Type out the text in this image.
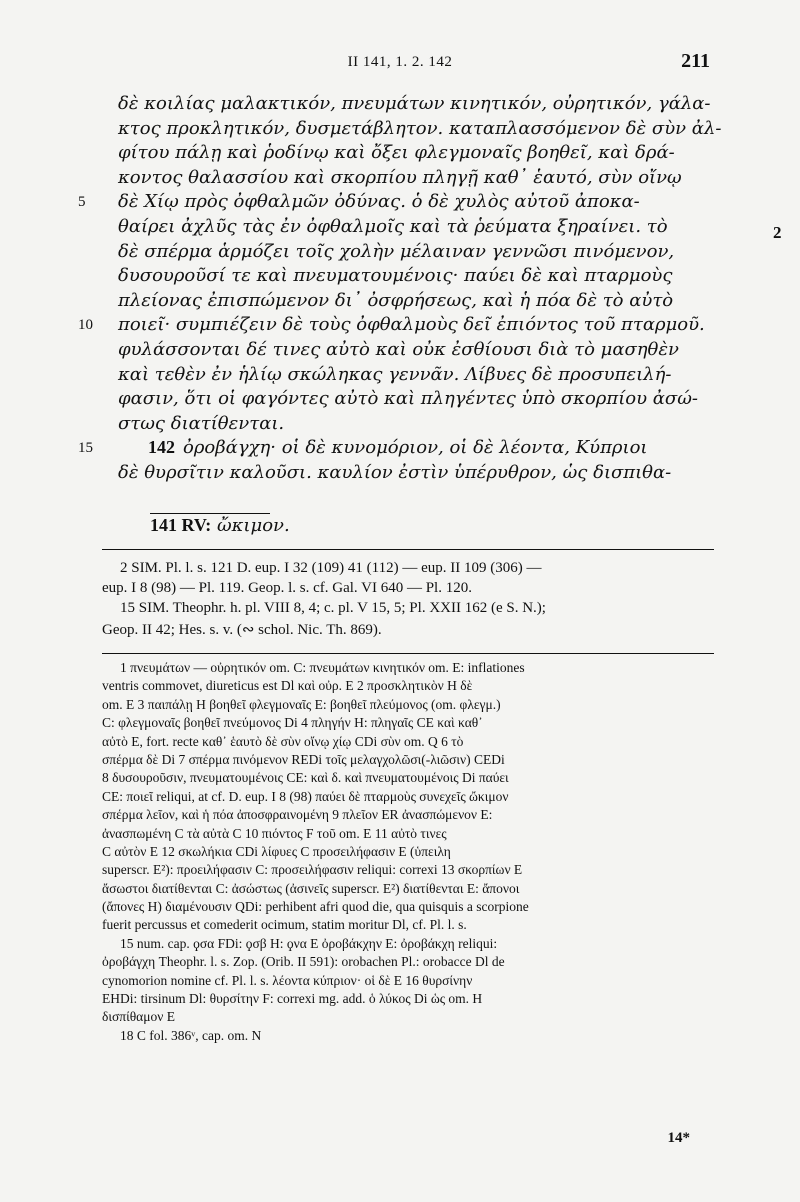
II 141, 1. 2. 142	211
δὲ κοιλίας μαλακτικόν, πνευμάτων κινητικόν, οὐρητικόν, γάλα-
κτος προκλητικόν, δυσμετάβλητον. καταπλασσόμενον δὲ σὺν ἀλ-
φίτου πάλῃ καὶ ῥοδίνῳ καὶ ὄξει φλεγμοναῖς βοηθεῖ, καὶ δρά-
κοντος θαλασσίου καὶ σκορπίου πληγῇ καθ᾿ ἑαυτό, σὺν οἴνῳ
δὲ Χίῳ πρὸς ὀφθαλμῶν ὀδύνας. ὁ δὲ χυλὸς αὐτοῦ ἀποκα-
5
θαίρει ἀχλῦς τὰς ἐν ὀφθαλμοῖς καὶ τὰ ῥεύματα ξηραίνει. τὸ
δὲ σπέρμα ἁρμόζει τοῖς χολὴν μέλαιναν γεννῶσι πινόμενον,
δυσουροῦσί τε καὶ πνευματουμένοις· παύει δὲ καὶ πταρμοὺς
πλείονας ἐπισπώμενον δι᾿ ὀσφρήσεως, καὶ ἡ πόα δὲ τὸ αὐτὸ
ποιεῖ· συμπιέζειν δὲ τοὺς ὀφθαλμοὺς δεῖ ἐπιόντος τοῦ πταρμοῦ.
10
φυλάσσονται δέ τινες αὐτὸ καὶ οὐκ ἐσθίουσι διὰ τὸ μασηθὲν
καὶ τεθὲν ἐν ἡλίῳ σκώληκας γεννᾶν. Λίβυες δὲ προσυπειλή-
φασιν, ὅτι οἱ φαγόντες αὐτὸ καὶ πληγέντες ὑπὸ σκορπίου ἀσώ-
στως διατίθενται.
142 ὀροβάγχη· οἱ δὲ κυνομόριον, οἱ δὲ λέοντα, Κύπριοι
15
δὲ θυρσῖτιν καλοῦσι. καυλίον ἐστὶν ὑπέρυθρον, ὡς δισπιθα-
2
141 RV: ὤκιμον.
2 SIM. Pl. l. s. 121 D. eup. I 32 (109) 41 (112) — eup. II 109 (306) —
eup. I 8 (98) — Pl. 119. Geop. l. s. cf. Gal. VI 640 — Pl. 120.
15 SIM. Theophr. h. pl. VIII 8, 4; c. pl. V 15, 5; Pl. XXII 162 (e S. N.);
Geop. II 42; Hes. s. v. (∾ schol. Nic. Th. 869).
1 πνευμάτων — οὐρητικόν om. C: πνευμάτων κινητικόν om. E: inflationes
ventris commovet, diureticus est Dl καὶ οὐρ. E 2 προσκλητικὸν H δὲ
om. E 3 παιπάλῃ H βοηθεῖ φλεγμοναῖς E: βοηθεῖ πλεύμονος (om. φλεγμ.)
C: φλεγμοναῖς βοηθεῖ πνεύμονος Di 4 πληγήν H: πληγαῖς CE καὶ καθ᾿
αὐτὸ E, fort. recte καθ᾿ ἑαυτὸ δὲ σὺν οἴνῳ χίῳ CDi σὺν om. Q 6 τὸ
σπέρμα δὲ Di 7 σπέρμα πινόμενον REDi τοῖς μελαγχολῶσι(-λιῶσιν) CEDi
8 δυσουροῦσιν, πνευματουμένοις CE: καὶ δ. καὶ πνευματουμένοις Di παύει
CE: ποιεῖ reliqui, at cf. D. eup. I 8 (98) παύει δὲ πταρμοὺς συνεχεῖς ὤκιμον
σπέρμα λεῖον, καὶ ἡ πόα ἀποσφραινομένη 9 πλεῖον ER ἀνασπώμενον E:
ἀνασπωμένη C τὰ αὐτὰ C 10 πιόντος F τοῦ om. E 11 αὐτὸ τινες
C αὐτὸν E 12 σκωλήκια CDi λίφυες C προσειλήφασιν E (ὑπειλη
superscr. E²): προειλήφασιν C: προσειλήφασιν reliqui: correxi 13 σκορπίων E
ἄσωστοι διατίθενται C: ἀσώστως (ἀσινεῖς superscr. E²) διατίθενται E: ἄπονοι
(ἄπονες H) διαμένουσιν QDi: perhibent afri quod die, qua quisquis a scorpione
fuerit percussus et comederit ocimum, statim moritur Dl, cf. Pl. l. s.
15 num. cap. ϙσα FDi: ϙσβ H: ϙνα E ὀροβάκχην E: ὀροβάκχη reliqui:
ὀροβάγχη Theophr. l. s. Zop. (Orib. II 591): orobachen Pl.: orobacce Dl de
cynomorion nomine cf. Pl. l. s. λέοντα κύπριον· οἱ δὲ E 16 θυρσίνην
EHDi: tirsinum Dl: θυρσίτην F: correxi mg. add. ὁ λύκος Di ὡς om. H
δισπίθαμον E
18 C fol. 386ᵛ, cap. om. N
14*
